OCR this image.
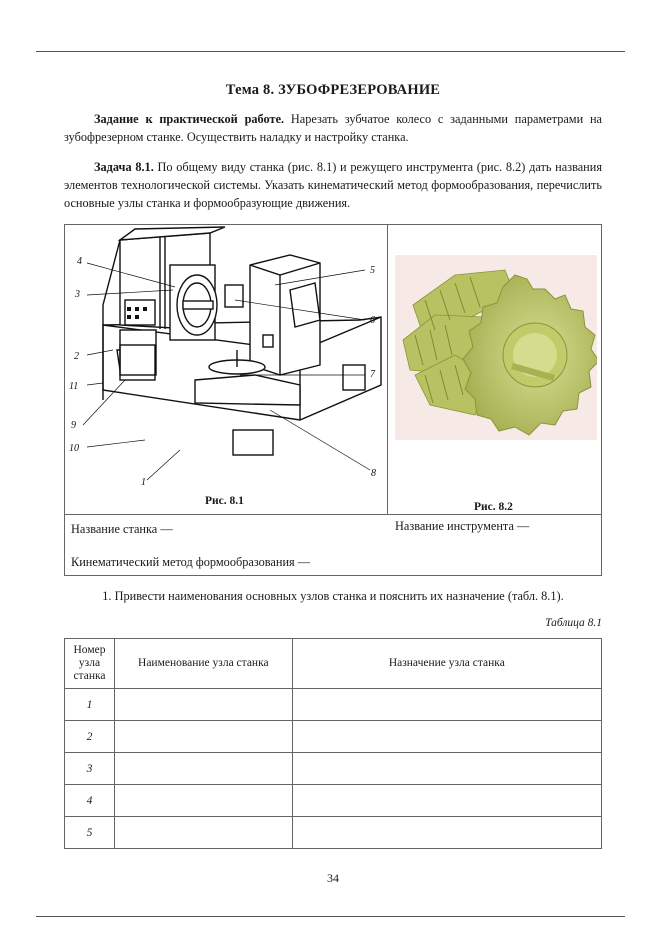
Тема 8. ЗУБОФРЕЗЕРОВАНИЕ
Задание к практической работе. Нарезать зубчатое колесо с заданными параметрами на зубофрезерном станке. Осуществить наладку и настройку станка.
Задача 8.1. По общему виду станка (рис. 8.1) и режущего инструмента (рис. 8.2) дать названия элементов технологической системы. Указать кинематический метод формообразования, перечислить основные узлы станка и формообразующие движения.
4
3
2
11
9
10
1
5
6
7
8
Рис. 8.1	Рис. 8.2
Название станка —	Название инструмента —
Кинематический метод формообразования —
1. Привести наименования основных узлов станка и пояснить их назначение (табл. 8.1).
Таблица 8.1
Номер узла станка	Наименование узла станка	Назначение узла станка
1		
2		
3		
4		
5		
34
